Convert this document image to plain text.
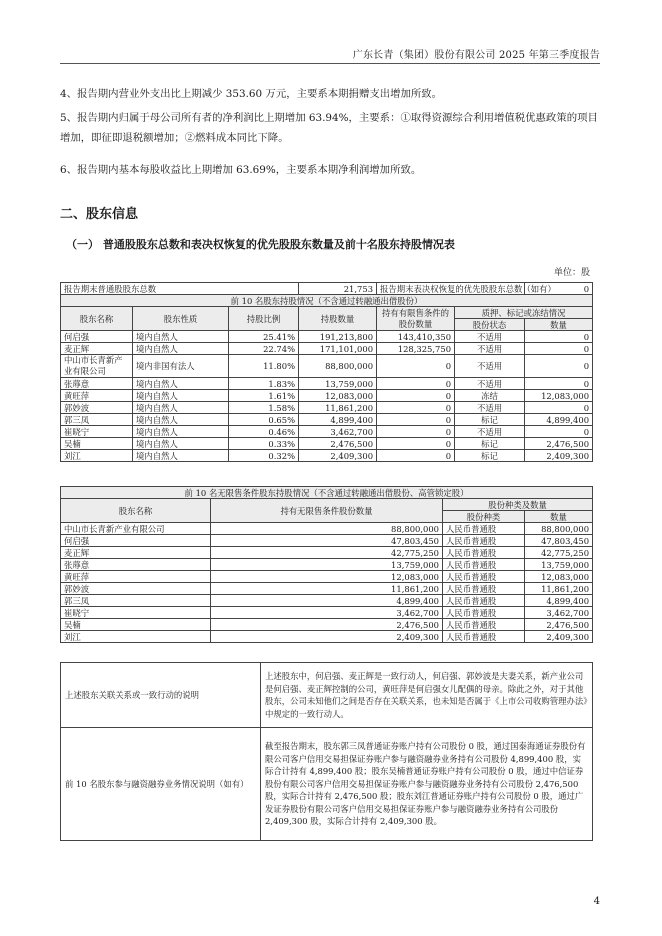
广东长青（集团）股份有限公司 2025 年第三季度报告
4、报告期内营业外支出比上期减少 353.60 万元，主要系本期捐赠支出增加所致。
5、报告期内归属于母公司所有者的净利润比上期增加 63.94%，主要系：①取得资源综合利用增值税优惠政策的项目增加，即征即退税额增加；②燃料成本同比下降。
6、报告期内基本每股收益比上期增加 63.69%，主要系本期净利润增加所致。
二、股东信息
（一） 普通股股东总数和表决权恢复的优先股股东数量及前十名股东持股情况表
单位：股
报告期末普通股股东总数			21,753	报告期末表决权恢复的优先股股东总数（如有）		0
前 10 名股东持股情况（不含通过转融通出借股份）						
股东名称	股东性质	持股比例	持股数量	持有有限售条件的股份数量	质押、标记或冻结情况	
					股份状态	数量
何启强	境内自然人	25.41%	191,213,800	143,410,350	不适用	0
麦正辉	境内自然人	22.74%	171,101,000	128,325,750	不适用	0
中山市长青新产业有限公司	境内非国有法人	11.80%	88,800,000	0	不适用	0
张蓐意	境内自然人	1.83%	13,759,000	0	不适用	0
黄旺萍	境内自然人	1.61%	12,083,000	0	冻结	12,083,000
郭妙波	境内自然人	1.58%	11,861,200	0	不适用	0
郭三凤	境内自然人	0.65%	4,899,400	0	标记	4,899,400
崔晓宁	境内自然人	0.46%	3,462,700	0	不适用	0
吴楠	境内自然人	0.33%	2,476,500	0	标记	2,476,500
刘江	境内自然人	0.32%	2,409,300	0	标记	2,409,300
前 10 名无限售条件股东持股情况（不含通过转融通出借股份、高管锁定股）			
股东名称	持有无限售条件股份数量	股份种类及数量	
		股份种类	数量
中山市长青新产业有限公司	88,800,000	人民币普通股	88,800,000
何启强	47,803,450	人民币普通股	47,803,450
麦正辉	42,775,250	人民币普通股	42,775,250
张蓐意	13,759,000	人民币普通股	13,759,000
黄旺萍	12,083,000	人民币普通股	12,083,000
郭妙波	11,861,200	人民币普通股	11,861,200
郭三凤	4,899,400	人民币普通股	4,899,400
崔晓宁	3,462,700	人民币普通股	3,462,700
吴楠	2,476,500	人民币普通股	2,476,500
刘江	2,409,300	人民币普通股	2,409,300
上述股东关联关系或一致行动的说明	上述股东中，何启强、麦正辉是一致行动人，何启强、郭妙波是夫妻关系，新产业公司是何启强、麦正辉控制的公司，黄旺萍是何启强女儿配偶的母亲。除此之外，对于其他股东，公司未知他们之间是否存在关联关系，也未知是否属于《上市公司收购管理办法》中规定的一致行动人。
前 10 名股东参与融资融券业务情况说明（如有）	截至报告期末，股东郭三凤普通证券账户持有公司股份 0 股，通过国泰海通证券股份有限公司客户信用交易担保证券账户参与融资融券业务持有公司股份 4,899,400 股，实际合计持有 4,899,400 股；股东吴楠普通证券账户持有公司股份 0 股，通过中信证券股份有限公司客户信用交易担保证券账户参与融资融券业务持有公司股份 2,476,500 股，实际合计持有 2,476,500 股；股东刘江普通证券账户持有公司股份 0 股，通过广发证券股份有限公司客户信用交易担保证券账户参与融资融券业务持有公司股份 2,409,300 股，实际合计持有 2,409,300 股。
4
